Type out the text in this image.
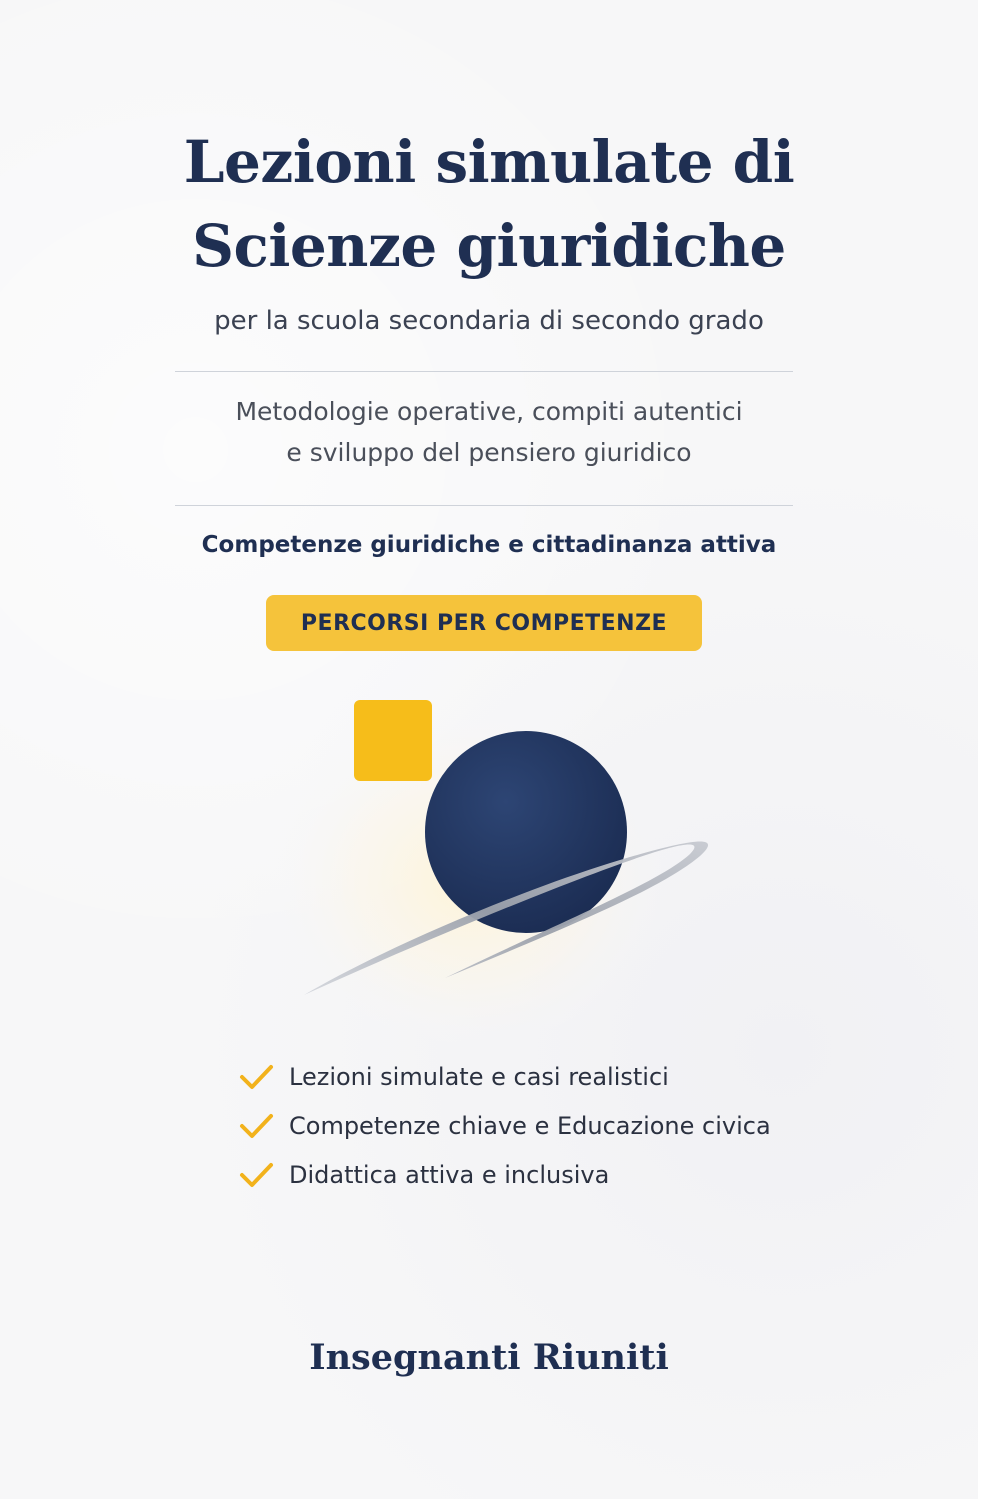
Lezioni simulate di
Scienze giuridiche
per la scuola secondaria di secondo grado
Metodologie operative, compiti autentici
e sviluppo del pensiero giuridico
Competenze giuridiche e cittadinanza attiva
PERCORSI PER COMPETENZE
Lezioni simulate e casi realistici
Competenze chiave e Educazione civica
Didattica attiva e inclusiva
Insegnanti Riuniti
